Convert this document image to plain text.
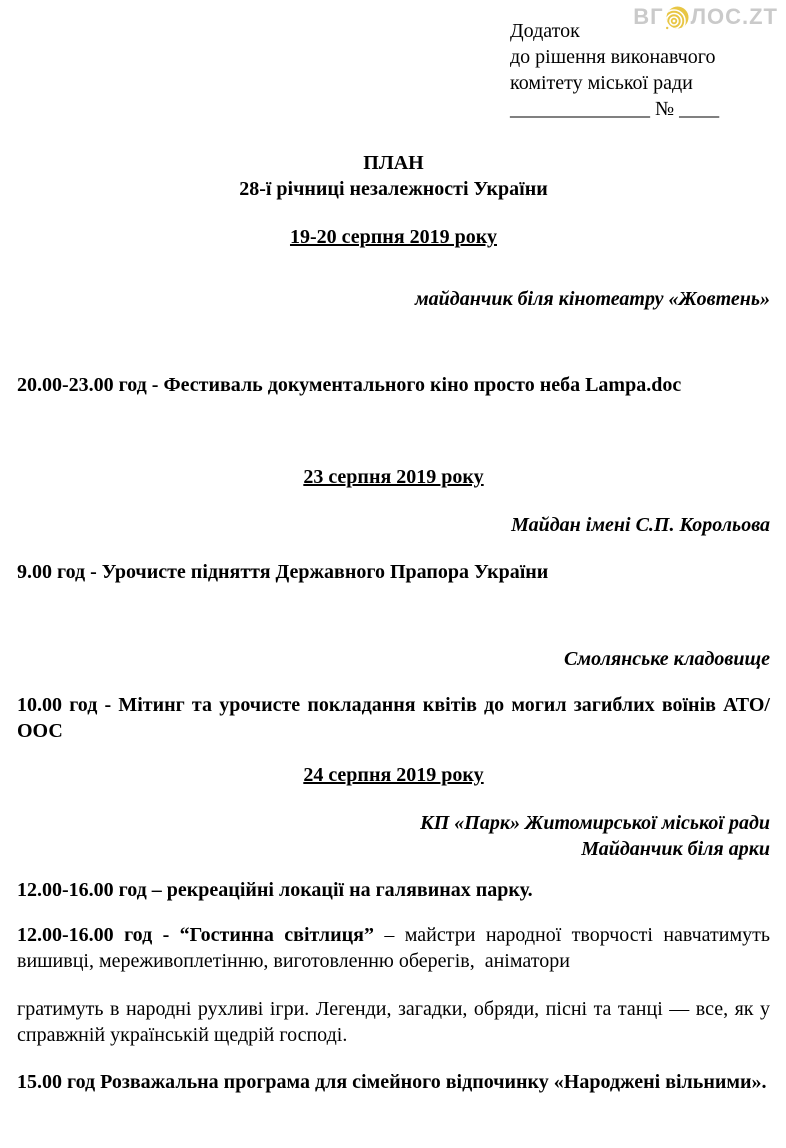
ВГ ЛОС.ZT

Додаток

до рішення виконавчого

комітету міської ради

______________ № ____

ПЛАН

28-ї річниці незалежності України

19-20 серпня 2019 року

майданчик біля кінотеатру «Жовтень»

20.00-23.00 год - Фестиваль документального кіно просто неба Lampa.doc

23 серпня 2019 року

Майдан імені С.П. Корольова

9.00 год - Урочисте підняття Державного Прапора України

Смолянське кладовище

10.00 год - Мітинг та урочисте покладання квітів до могил загиблих воїнів АТО/ООС

24 серпня 2019 року

КП «Парк» Житомирської міської ради

Майданчик біля арки

12.00-16.00 год – рекреаційні локації на галявинах парку.

12.00-16.00 год - “Гостинна світлиця” – майстри народної творчості навчатимуть вишивці, мереживоплетінню, виготовленню оберегів,  аніматори

гратимуть в народні рухливі ігри. Легенди, загадки, обряди, пісні та танці — все, як у справжній українській щедрій господі.

15.00 год Розважальна програма для сімейного відпочинку «Народжені вільними».
